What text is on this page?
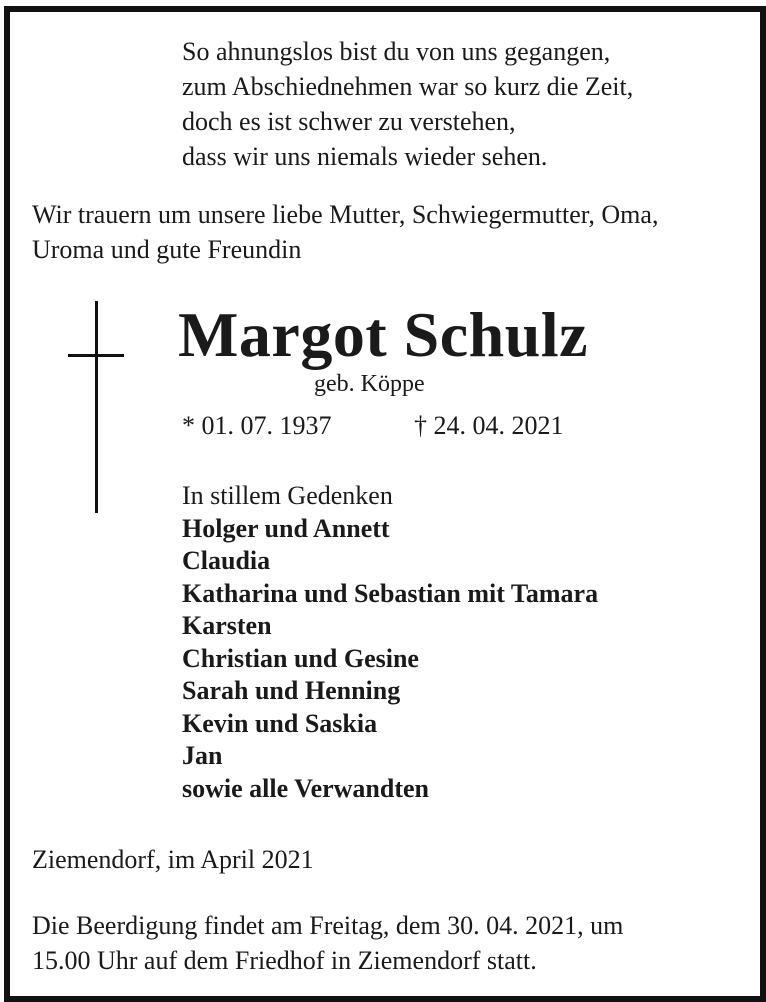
So ahnungslos bist du von uns gegangen,
zum Abschiednehmen war so kurz die Zeit,
doch es ist schwer zu verstehen,
dass wir uns niemals wieder sehen.
Wir trauern um unsere liebe Mutter, Schwiegermutter, Oma,
Uroma und gute Freundin
Margot Schulz
geb. Köppe
* 01. 07. 1937	† 24. 04. 2021
In stillem Gedenken
Holger und Annett
Claudia
Katharina und Sebastian mit Tamara
Karsten
Christian und Gesine
Sarah und Henning
Kevin und Saskia
Jan
sowie alle Verwandten
Ziemendorf, im April 2021
Die Beerdigung findet am Freitag, dem 30. 04. 2021, um
15.00 Uhr auf dem Friedhof in Ziemendorf statt.
